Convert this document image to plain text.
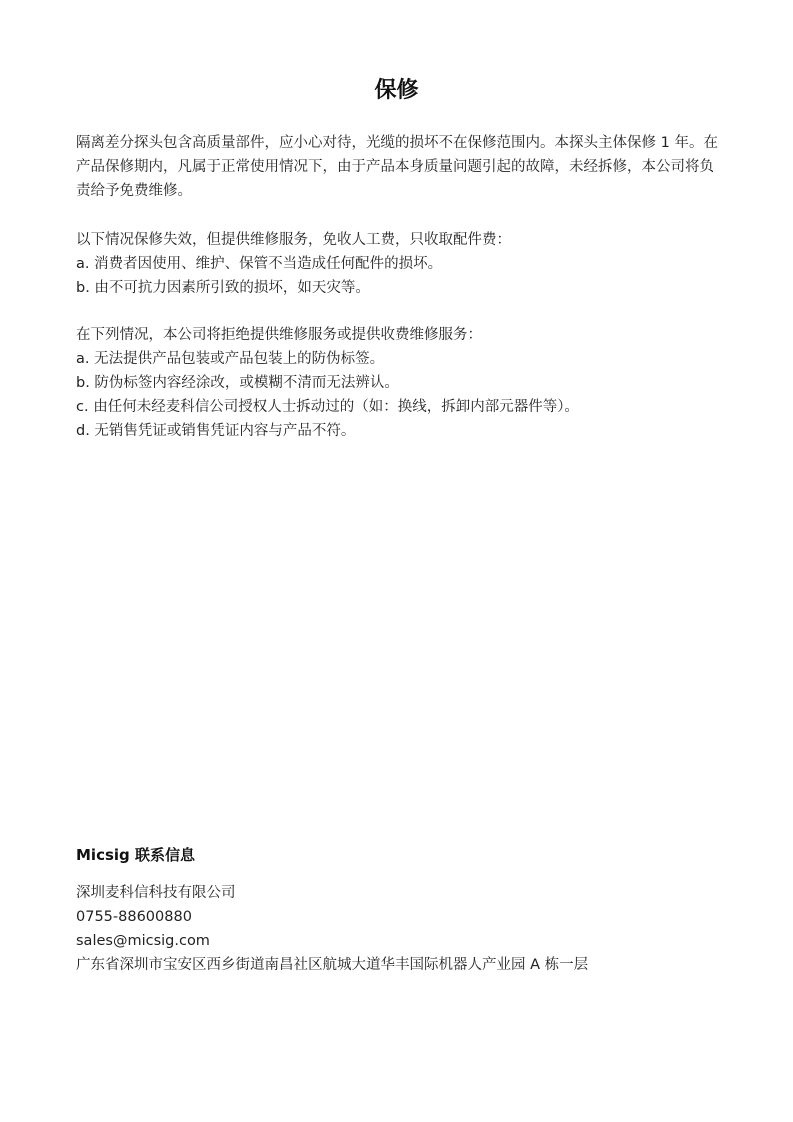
保修

隔离差分探头包含高质量部件，应小心对待，光缆的损坏不在保修范围内。本探头主体保修 1 年。在产品保修期内，凡属于正常使用情况下，由于产品本身质量问题引起的故障，未经拆修，本公司将负责给予免费维修。

以下情况保修失效，但提供维修服务，免收人工费，只收取配件费：

a. 消费者因使用、维护、保管不当造成任何配件的损坏。

b. 由不可抗力因素所引致的损坏，如天灾等。

在下列情况，本公司将拒绝提供维修服务或提供收费维修服务：

a. 无法提供产品包装或产品包装上的防伪标签。

b. 防伪标签内容经涂改，或模糊不清而无法辨认。

c. 由任何未经麦科信公司授权人士拆动过的（如：换线，拆卸内部元器件等）。

d. 无销售凭证或销售凭证内容与产品不符。

Micsig 联系信息

深圳麦科信科技有限公司

0755-88600880

sales@micsig.com

广东省深圳市宝安区西乡街道南昌社区航城大道华丰国际机器人产业园 A 栋一层
